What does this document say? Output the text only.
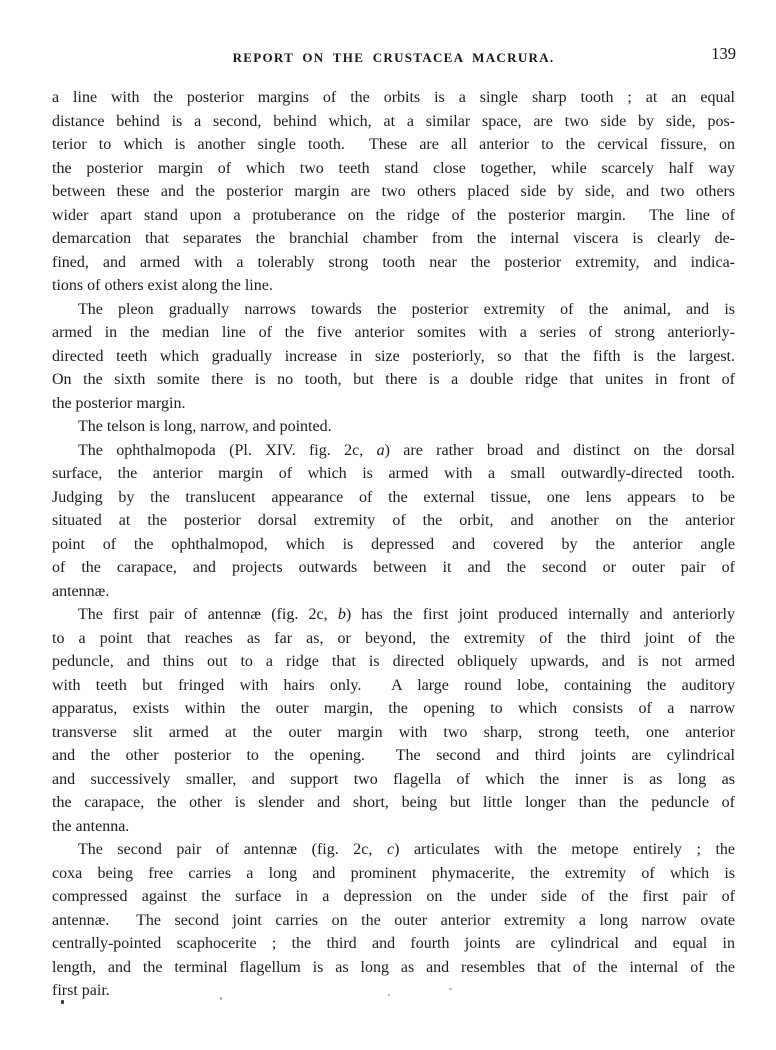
REPORT ON THE CRUSTACEA MACRURA.	139
a line with the posterior margins of the orbits is a single sharp tooth ; at an equal
distance behind is a second, behind which, at a similar space, are two side by side, pos-
terior to which is another single tooth.  These are all anterior to the cervical fissure, on
the posterior margin of which two teeth stand close together, while scarcely half way
between these and the posterior margin are two others placed side by side, and two others
wider apart stand upon a protuberance on the ridge of the posterior margin.  The line of
demarcation that separates the branchial chamber from the internal viscera is clearly de-
fined, and armed with a tolerably strong tooth near the posterior extremity, and indica-
tions of others exist along the line.
The pleon gradually narrows towards the posterior extremity of the animal, and is
armed in the median line of the five anterior somites with a series of strong anteriorly-
directed teeth which gradually increase in size posteriorly, so that the fifth is the largest.
On the sixth somite there is no tooth, but there is a double ridge that unites in front of
the posterior margin.
The telson is long, narrow, and pointed.
The ophthalmopoda (Pl. XIV. fig. 2c, a) are rather broad and distinct on the dorsal
surface, the anterior margin of which is armed with a small outwardly-directed tooth.
Judging by the translucent appearance of the external tissue, one lens appears to be
situated at the posterior dorsal extremity of the orbit, and another on the anterior
point of the ophthalmopod, which is depressed and covered by the anterior angle
of the carapace, and projects outwards between it and the second or outer pair of
antennæ.
The first pair of antennæ (fig. 2c, b) has the first joint produced internally and anteriorly
to a point that reaches as far as, or beyond, the extremity of the third joint of the
peduncle, and thins out to a ridge that is directed obliquely upwards, and is not armed
with teeth but fringed with hairs only.  A large round lobe, containing the auditory
apparatus, exists within the outer margin, the opening to which consists of a narrow
transverse slit armed at the outer margin with two sharp, strong teeth, one anterior
and the other posterior to the opening.  The second and third joints are cylindrical
and successively smaller, and support two flagella of which the inner is as long as
the carapace, the other is slender and short, being but little longer than the peduncle of
the antenna.
The second pair of antennæ (fig. 2c, c) articulates with the metope entirely ; the
coxa being free carries a long and prominent phymacerite, the extremity of which is
compressed against the surface in a depression on the under side of the first pair of
antennæ.  The second joint carries on the outer anterior extremity a long narrow ovate
centrally-pointed scaphocerite ; the third and fourth joints are cylindrical and equal in
length, and the terminal flagellum is as long as and resembles that of the internal of the
first pair.
